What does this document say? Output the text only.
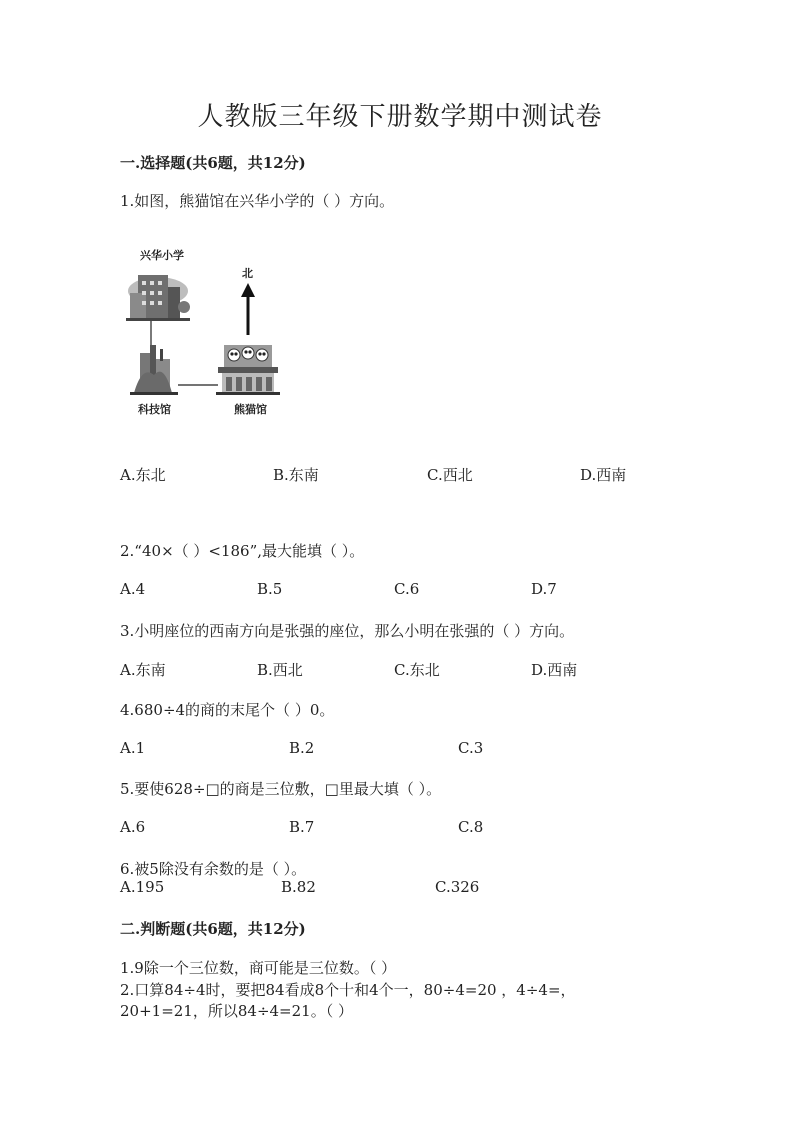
人教版三年级下册数学期中测试卷
一.选择题(共6题，共12分)
1.如图，熊猫馆在兴华小学的（ ）方向。
兴华小学
北
科技馆	熊猫馆
A.东北	B.东南	C.西北	D.西南
2.“40×（ ）<186”,最大能填（ ）。
A.4	B.5	C.6	D.7
3.小明座位的西南方向是张强的座位，那么小明在张强的（ ）方向。
A.东南	B.西北	C.东北	D.西南
4.680÷4的商的末尾个（ ）0。
A.1	B.2	C.3
5.要使628÷□的商是三位敷，□里最大填（ ）。
A.6	B.7	C.8
6.被5除没有余数的是（ ）。
A.195	B.82	C.326
二.判断题(共6题，共12分)
1.9除一个三位数，商可能是三位数。（ ）
2.口算84÷4时，要把84看成8个十和4个一，80÷4=20 ，4÷4=，
20+1=21，所以84÷4=21。（ ）
